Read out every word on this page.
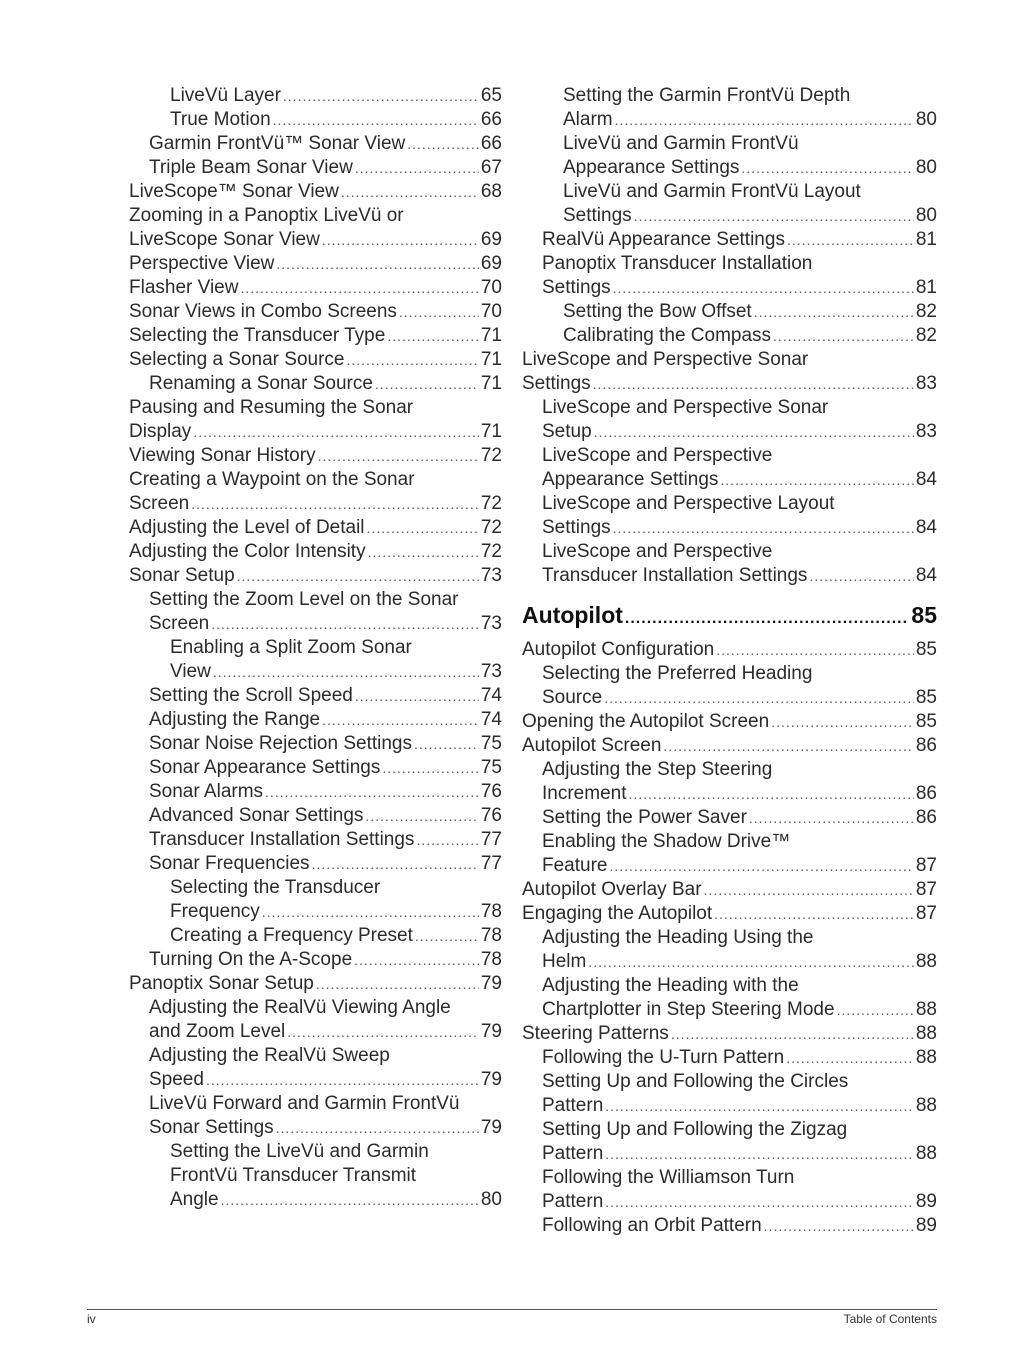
LiveVü Layer .....	65
True Motion .....	66
Garmin FrontVü™ Sonar View .....	66
Triple Beam Sonar View .....	67
LiveScope™ Sonar View .....	68
Zooming in a Panoptix LiveVü or
LiveScope Sonar View .....	69
Perspective View .....	69
Flasher View .....	70
Sonar Views in Combo Screens .....	70
Selecting the Transducer Type .....	71
Selecting a Sonar Source .....	71
Renaming a Sonar Source .....	71
Pausing and Resuming the Sonar
Display .....	71
Viewing Sonar History .....	72
Creating a Waypoint on the Sonar
Screen .....	72
Adjusting the Level of Detail .....	72
Adjusting the Color Intensity .....	72
Sonar Setup .....	73
Setting the Zoom Level on the Sonar
Screen .....	73
Enabling a Split Zoom Sonar
View .....	73
Setting the Scroll Speed .....	74
Adjusting the Range .....	74
Sonar Noise Rejection Settings .....	75
Sonar Appearance Settings .....	75
Sonar Alarms .....	76
Advanced Sonar Settings .....	76
Transducer Installation Settings .....	77
Sonar Frequencies .....	77
Selecting the Transducer
Frequency .....	78
Creating a Frequency Preset .....	78
Turning On the A-Scope .....	78
Panoptix Sonar Setup .....	79
Adjusting the RealVü Viewing Angle
and Zoom Level .....	79
Adjusting the RealVü Sweep
Speed .....	79
LiveVü Forward and Garmin FrontVü
Sonar Settings .....	79
Setting the LiveVü and Garmin
FrontVü Transducer Transmit
Angle .....	80
Setting the Garmin FrontVü Depth
Alarm .....	80
LiveVü and Garmin FrontVü
Appearance Settings .....	80
LiveVü and Garmin FrontVü Layout
Settings .....	80
RealVü Appearance Settings .....	81
Panoptix Transducer Installation
Settings .....	81
Setting the Bow Offset .....	82
Calibrating the Compass .....	82
LiveScope and Perspective Sonar
Settings .....	83
LiveScope and Perspective Sonar
Setup .....	83
LiveScope and Perspective
Appearance Settings .....	84
LiveScope and Perspective Layout
Settings .....	84
LiveScope and Perspective
Transducer Installation Settings .....	84
Autopilot .....	85
Autopilot Configuration .....	85
Selecting the Preferred Heading
Source .....	85
Opening the Autopilot Screen .....	85
Autopilot Screen .....	86
Adjusting the Step Steering
Increment .....	86
Setting the Power Saver .....	86
Enabling the Shadow Drive™
Feature .....	87
Autopilot Overlay Bar .....	87
Engaging the Autopilot .....	87
Adjusting the Heading Using the
Helm .....	88
Adjusting the Heading with the
Chartplotter in Step Steering Mode .....	88
Steering Patterns .....	88
Following the U-Turn Pattern .....	88
Setting Up and Following the Circles
Pattern .....	88
Setting Up and Following the Zigzag
Pattern .....	88
Following the Williamson Turn
Pattern .....	89
Following an Orbit Pattern .....	89
iv	Table of Contents
